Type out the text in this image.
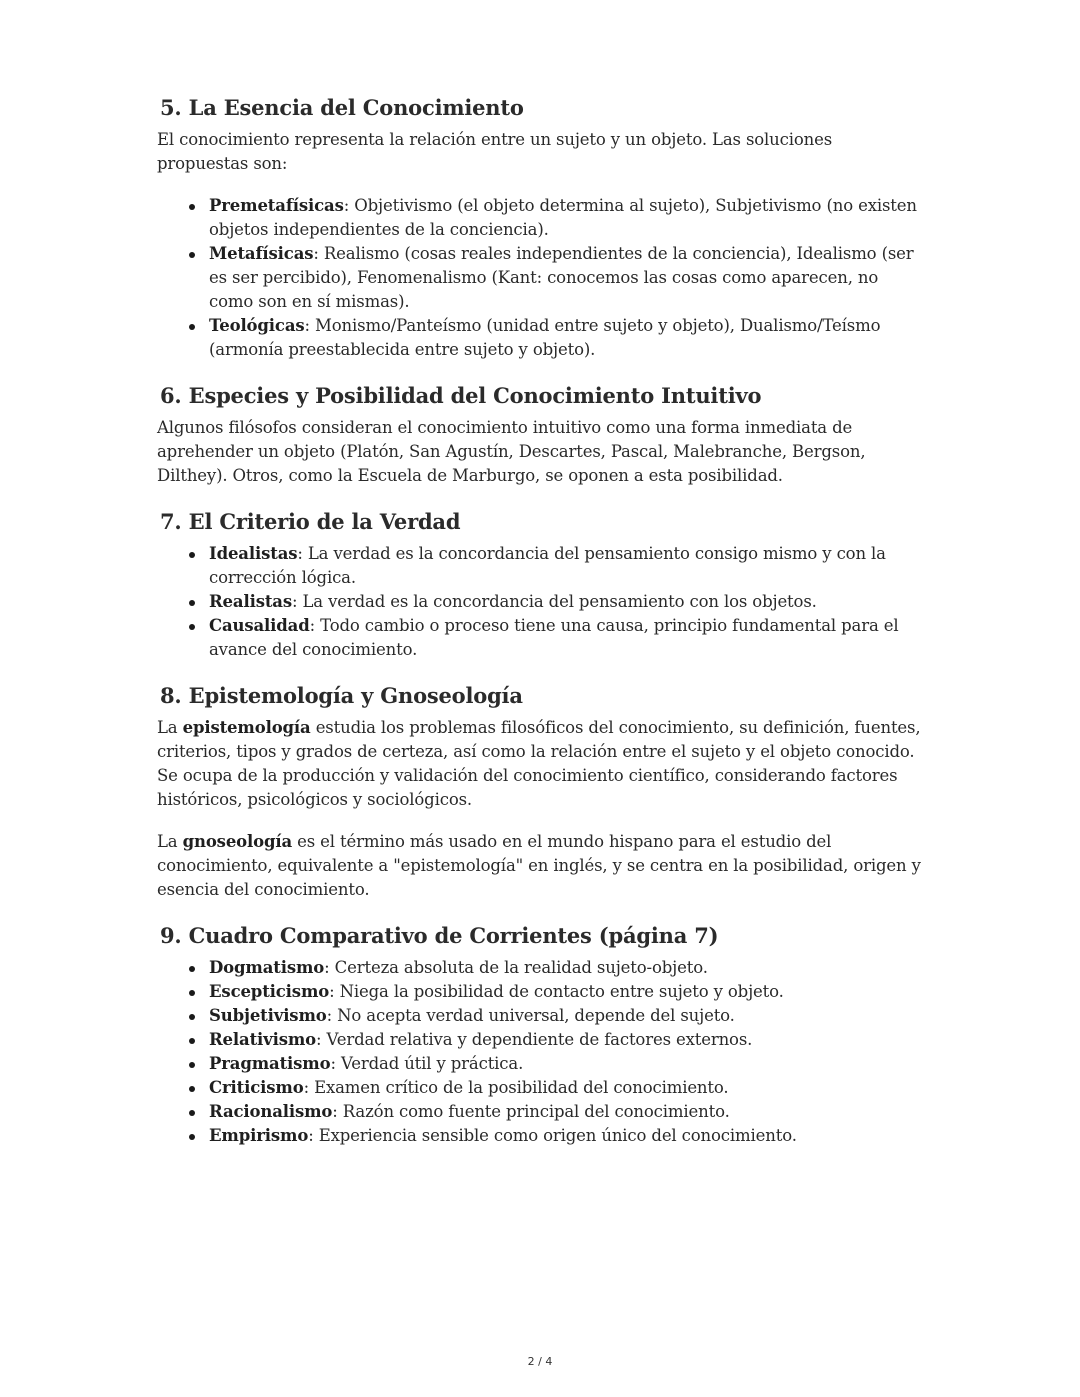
5. La Esencia del Conocimiento

El conocimiento representa la relación entre un sujeto y un objeto. Las soluciones propuestas son:

Premetafísicas: Objetivismo (el objeto determina al sujeto), Subjetivismo (no existen objetos independientes de la conciencia).
Metafísicas: Realismo (cosas reales independientes de la conciencia), Idealismo (ser es ser percibido), Fenomenalismo (Kant: conocemos las cosas como aparecen, no como son en sí mismas).
Teológicas: Monismo/Panteísmo (unidad entre sujeto y objeto), Dualismo/Teísmo (armonía preestablecida entre sujeto y objeto).
6. Especies y Posibilidad del Conocimiento Intuitivo

Algunos filósofos consideran el conocimiento intuitivo como una forma inmediata de aprehender un objeto (Platón, San Agustín, Descartes, Pascal, Malebranche, Bergson, Dilthey). Otros, como la Escuela de Marburgo, se oponen a esta posibilidad.

7. El Criterio de la Verdad
Idealistas: La verdad es la concordancia del pensamiento consigo mismo y con la corrección lógica.
Realistas: La verdad es la concordancia del pensamiento con los objetos.
Causalidad: Todo cambio o proceso tiene una causa, principio fundamental para el avance del conocimiento.
8. Epistemología y Gnoseología

La epistemología estudia los problemas filosóficos del conocimiento, su definición, fuentes, criterios, tipos y grados de certeza, así como la relación entre el sujeto y el objeto conocido. Se ocupa de la producción y validación del conocimiento científico, considerando factores históricos, psicológicos y sociológicos.

La gnoseología es el término más usado en el mundo hispano para el estudio del conocimiento, equivalente a "epistemología" en inglés, y se centra en la posibilidad, origen y esencia del conocimiento.

9. Cuadro Comparativo de Corrientes (página 7)
Dogmatismo: Certeza absoluta de la realidad sujeto-objeto.
Escepticismo: Niega la posibilidad de contacto entre sujeto y objeto.
Subjetivismo: No acepta verdad universal, depende del sujeto.
Relativismo: Verdad relativa y dependiente de factores externos.
Pragmatismo: Verdad útil y práctica.
Criticismo: Examen crítico de la posibilidad del conocimiento.
Racionalismo: Razón como fuente principal del conocimiento.
Empirismo: Experiencia sensible como origen único del conocimiento.
2 / 4
